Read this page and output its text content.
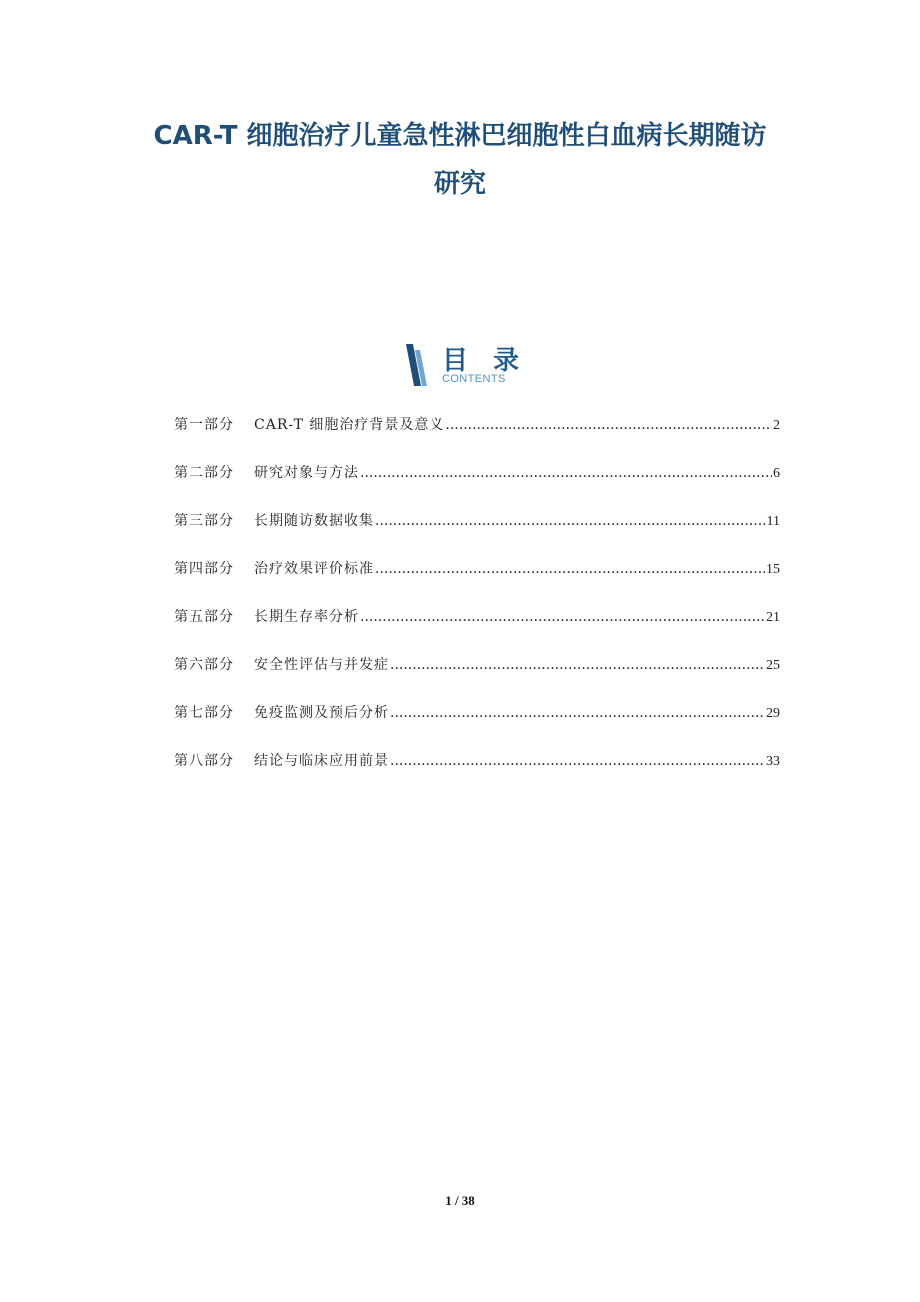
CAR-T 细胞治疗儿童急性淋巴细胞性白血病长期随访
研究
目 录
CONTENTS
第一部分	CAR-T 细胞治疗背景及意义 .....	2
第二部分	研究对象与方法 .....	6
第三部分	长期随访数据收集 .....	11
第四部分	治疗效果评价标准 .....	15
第五部分	长期生存率分析 .....	21
第六部分	安全性评估与并发症 .....	25
第七部分	免疫监测及预后分析 .....	29
第八部分	结论与临床应用前景 .....	33
1 / 38
